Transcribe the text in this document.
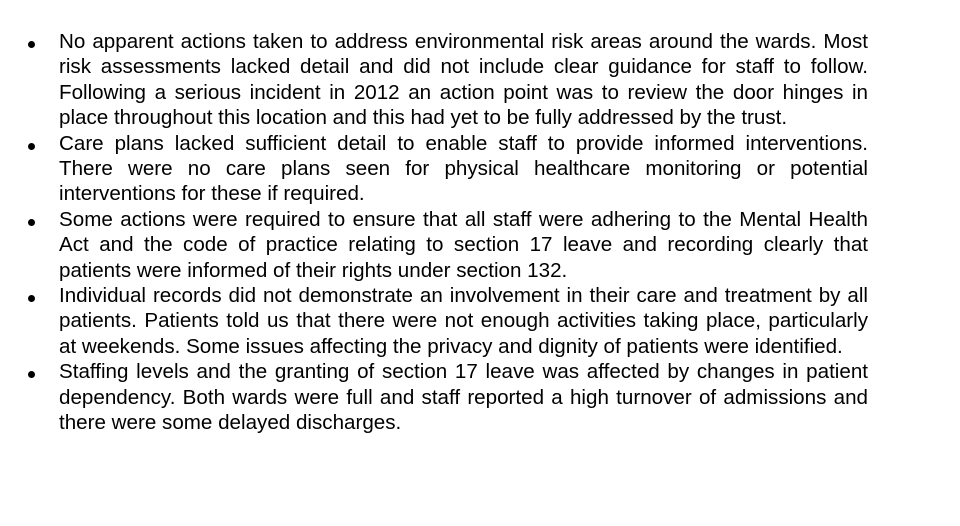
No apparent actions taken to address environmental risk areas around the wards. Most risk assessments lacked detail and did not include clear guidance for staff to follow. Following a serious incident in 2012 an action point was to review the door hinges in place throughout this location and this had yet to be fully addressed by the trust.

Care plans lacked sufficient detail to enable staff to provide informed interventions. There were no care plans seen for physical healthcare monitoring or potential interventions for these if required.

Some actions were required to ensure that all staff were adhering to the Mental Health Act and the code of practice relating to section 17 leave and recording clearly that patients were informed of their rights under section 132.

Individual records did not demonstrate an involvement in their care and treatment by all patients. Patients told us that there were not enough activities taking place, particularly at weekends. Some issues affecting the privacy and dignity of patients were identified.

Staffing levels and the granting of section 17 leave was affected by changes in patient dependency. Both wards were full and staff reported a high turnover of admissions and there were some delayed discharges.
